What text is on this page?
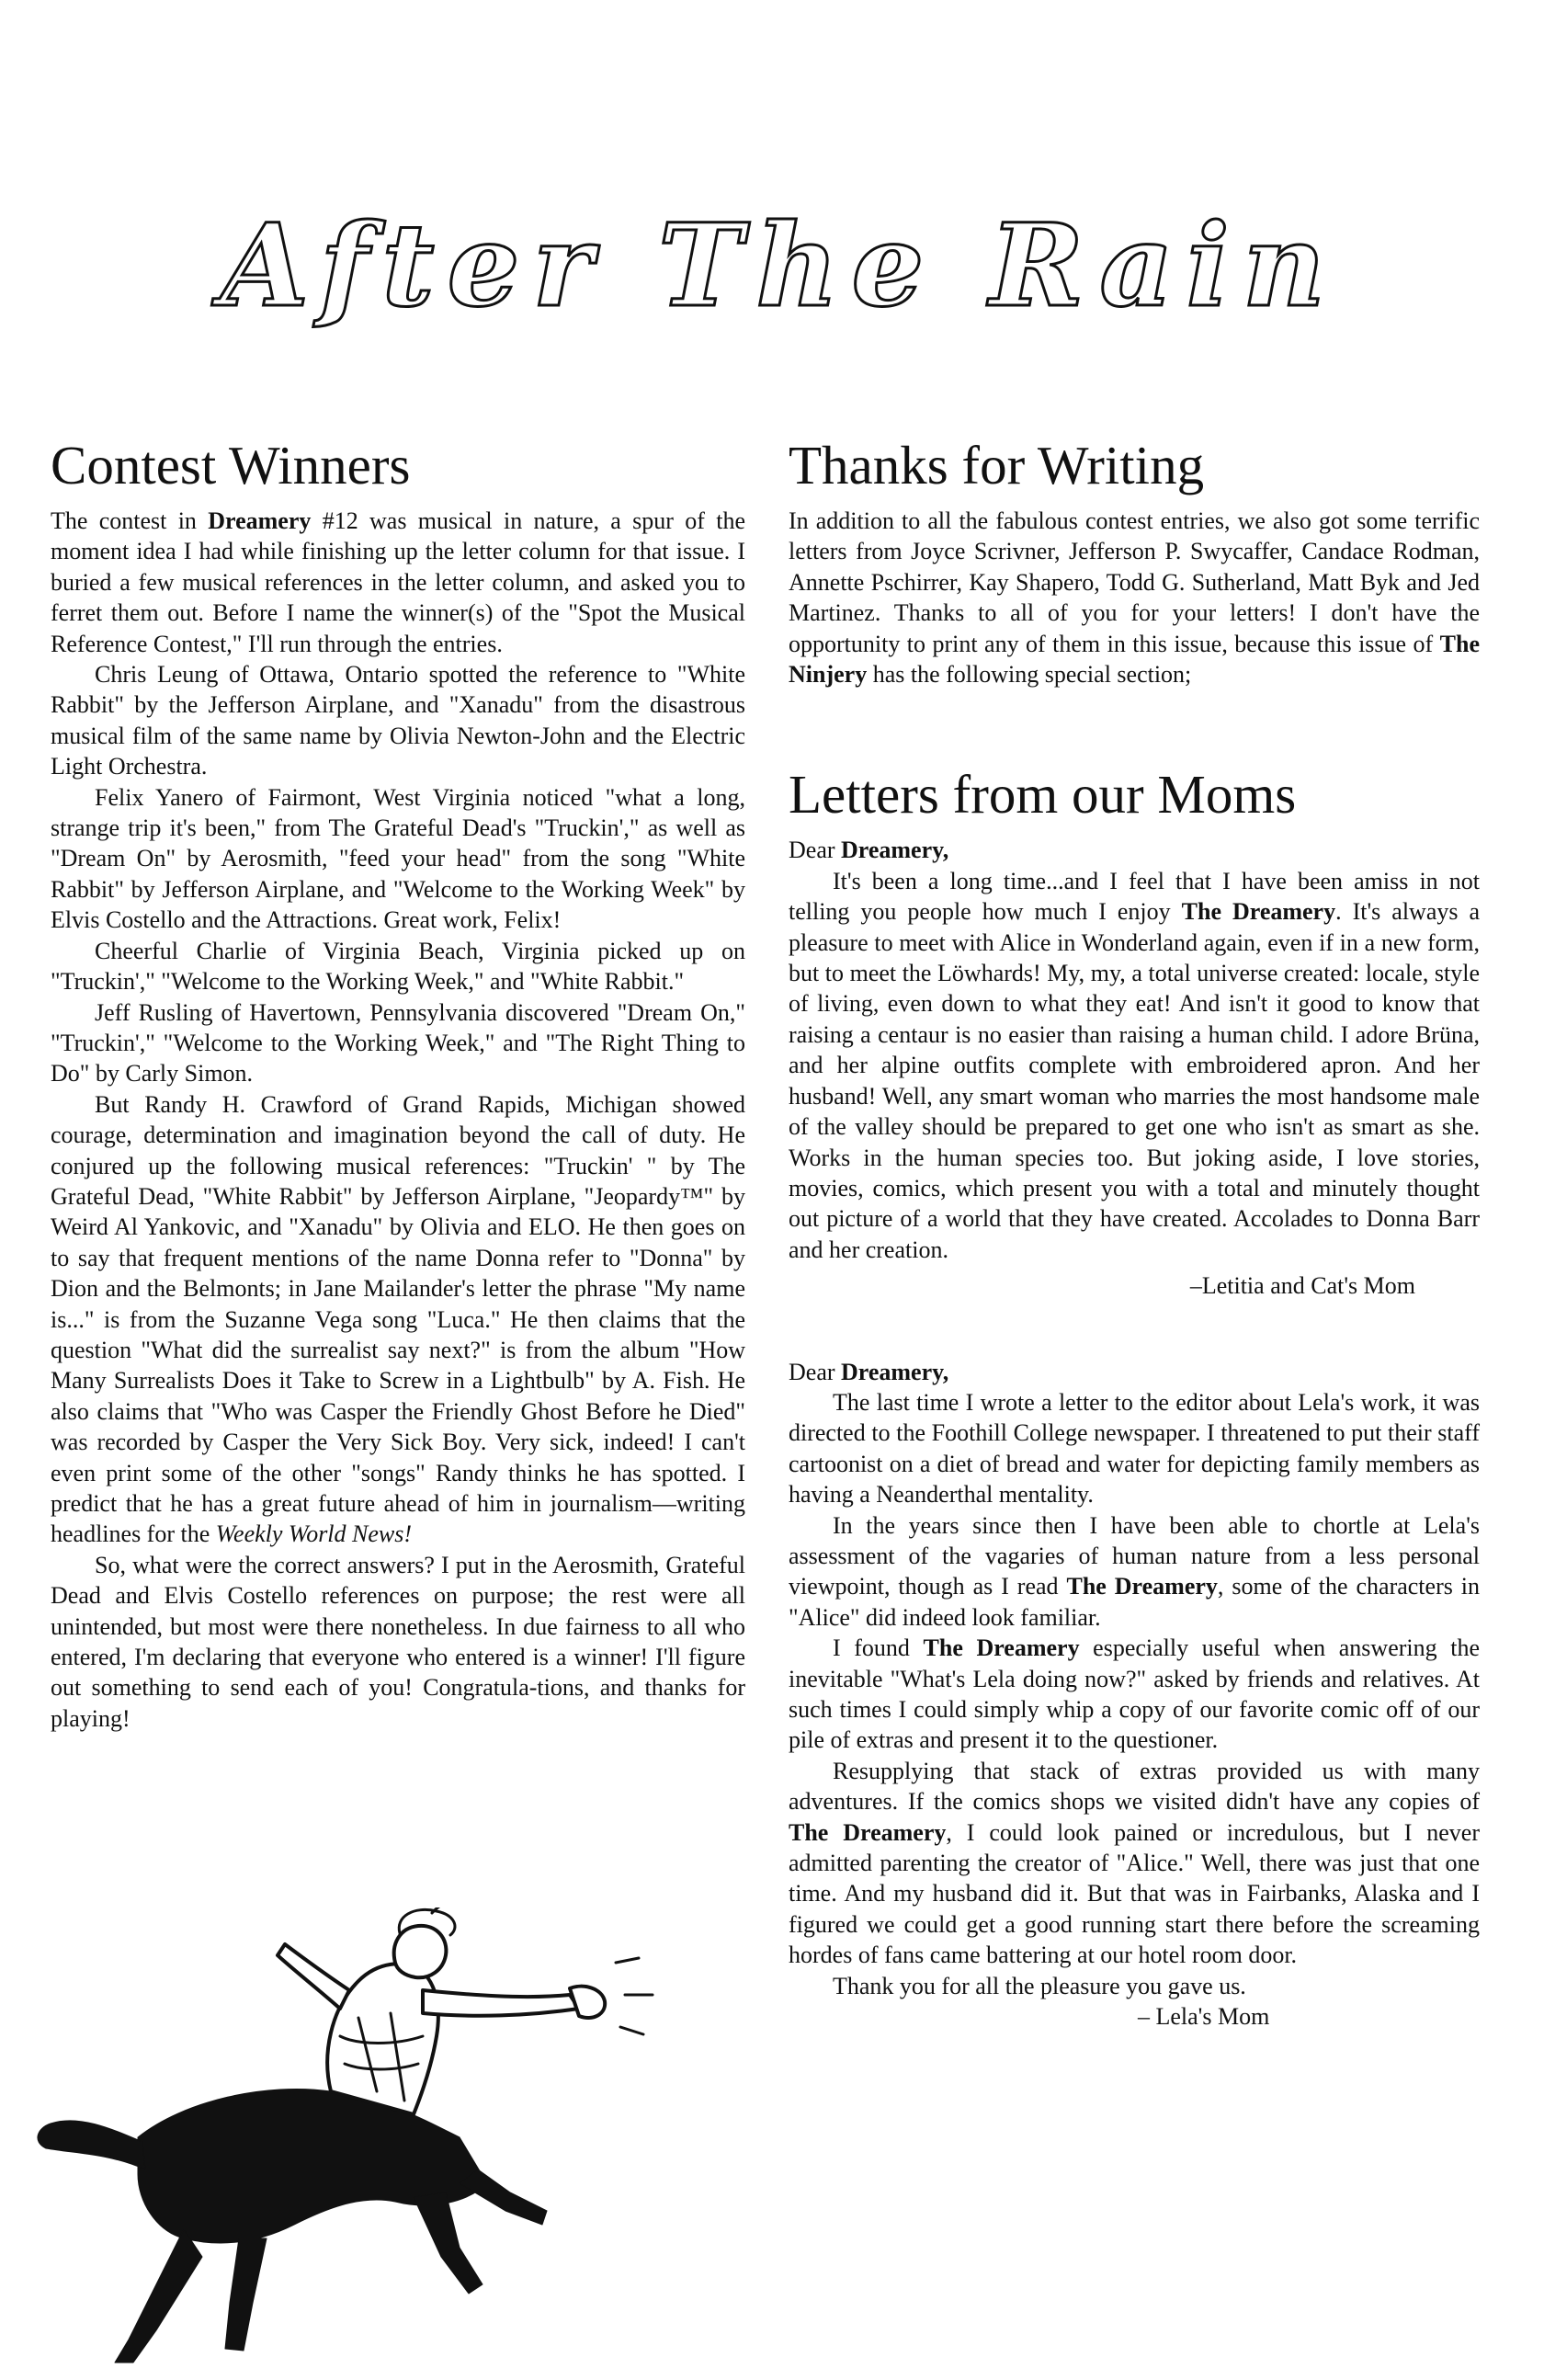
After The Rain
Contest Winners

The contest in Dreamery #12 was musical in nature, a spur of the moment idea I had while finishing up the letter column for that issue. I buried a few musical references in the letter column, and asked you to ferret them out. Before I name the winner(s) of the "Spot the Musical Reference Contest," I'll run through the entries.

Chris Leung of Ottawa, Ontario spotted the reference to "White Rabbit" by the Jefferson Airplane, and "Xanadu" from the disastrous musical film of the same name by Olivia Newton-John and the Electric Light Orchestra.

Felix Yanero of Fairmont, West Virginia noticed "what a long, strange trip it's been," from The Grateful Dead's "Truckin'," as well as "Dream On" by Aerosmith, "feed your head" from the song "White Rabbit" by Jefferson Airplane, and "Welcome to the Working Week" by Elvis Costello and the Attractions. Great work, Felix!

Cheerful Charlie of Virginia Beach, Virginia picked up on "Truckin'," "Welcome to the Working Week," and "White Rabbit."

Jeff Rusling of Havertown, Pennsylvania discovered "Dream On," "Truckin'," "Welcome to the Working Week," and "The Right Thing to Do" by Carly Simon.

But Randy H. Crawford of Grand Rapids, Michigan showed courage, determination and imagination beyond the call of duty. He conjured up the following musical references: "Truckin' " by The Grateful Dead, "White Rabbit" by Jefferson Airplane, "Jeopardy™" by Weird Al Yankovic, and "Xanadu" by Olivia and ELO. He then goes on to say that frequent mentions of the name Donna refer to "Donna" by Dion and the Belmonts; in Jane Mailander's letter the phrase "My name is..." is from the Suzanne Vega song "Luca." He then claims that the question "What did the surrealist say next?" is from the album "How Many Surrealists Does it Take to Screw in a Lightbulb" by A. Fish. He also claims that "Who was Casper the Friendly Ghost Before he Died" was recorded by Casper the Very Sick Boy. Very sick, indeed! I can't even print some of the other "songs" Randy thinks he has spotted. I predict that he has a great future ahead of him in journalism—writing headlines for the Weekly World News!

So, what were the correct answers? I put in the Aerosmith, Grateful Dead and Elvis Costello references on purpose; the rest were all unintended, but most were there nonetheless. In due fairness to all who entered, I'm declaring that everyone who entered is a winner! I'll figure out something to send each of you! Congratula-tions, and thanks for playing!

Thanks for Writing

In addition to all the fabulous contest entries, we also got some terrific letters from Joyce Scrivner, Jefferson P. Swycaffer, Candace Rodman, Annette Pschirrer, Kay Shapero, Todd G. Sutherland, Matt Byk and Jed Martinez. Thanks to all of you for your letters! I don't have the opportunity to print any of them in this issue, because this issue of The Ninjery has the following special section;

Letters from our Moms
Dear Dreamery,

It's been a long time...and I feel that I have been amiss in not telling you people how much I enjoy The Dreamery. It's always a pleasure to meet with Alice in Wonderland again, even if in a new form, but to meet the Löwhards! My, my, a total universe created: locale, style of living, even down to what they eat! And isn't it good to know that raising a centaur is no easier than raising a human child. I adore Brüna, and her alpine outfits complete with embroidered apron. And her husband! Well, any smart woman who marries the most handsome male of the valley should be prepared to get one who isn't as smart as she. Works in the human species too. But joking aside, I love stories, movies, comics, which present you with a total and minutely thought out picture of a world that they have created. Accolades to Donna Barr and her creation.

–Letitia and Cat's Mom
Dear Dreamery,

The last time I wrote a letter to the editor about Lela's work, it was directed to the Foothill College newspaper. I threatened to put their staff cartoonist on a diet of bread and water for depicting family members as having a Neanderthal mentality.

In the years since then I have been able to chortle at Lela's assessment of the vagaries of human nature from a less personal viewpoint, though as I read The Dreamery, some of the characters in "Alice" did indeed look familiar.

I found The Dreamery especially useful when answering the inevitable "What's Lela doing now?" asked by friends and relatives. At such times I could simply whip a copy of our favorite comic off of our pile of extras and present it to the questioner.

Resupplying that stack of extras provided us with many adventures. If the comics shops we visited didn't have any copies of The Dreamery, I could look pained or incredulous, but I never admitted parenting the creator of "Alice." Well, there was just that one time. And my husband did it. But that was in Fairbanks, Alaska and I figured we could get a good running start there before the screaming hordes of fans came battering at our hotel room door.

Thank you for all the pleasure you gave us.

– Lela's Mom
